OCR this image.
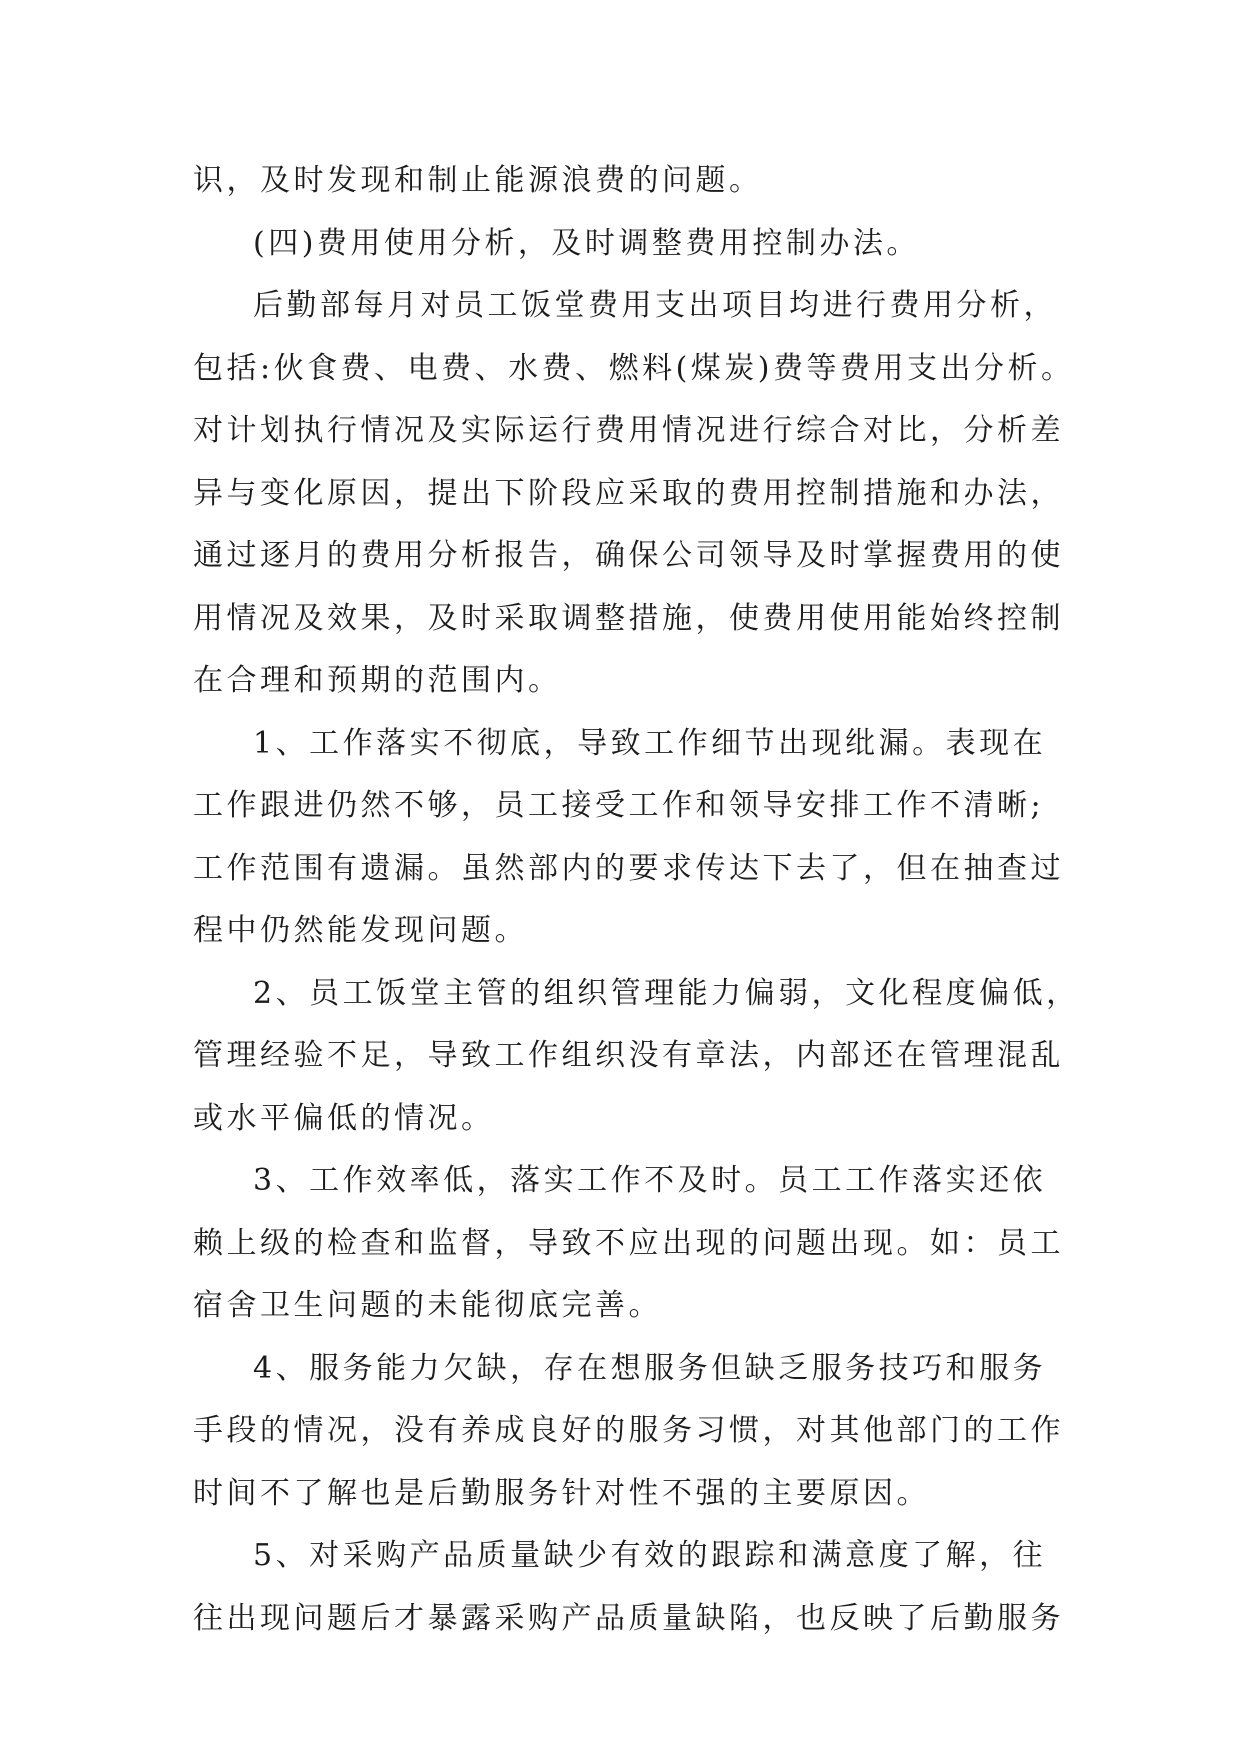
识，及时发现和制止能源浪费的问题。
(四)费用使用分析，及时调整费用控制办法。
后勤部每月对员工饭堂费用支出项目均进行费用分析，
包括:伙食费、电费、水费、燃料(煤炭)费等费用支出分析。
对计划执行情况及实际运行费用情况进行综合对比，分析差
异与变化原因，提出下阶段应采取的费用控制措施和办法，
通过逐月的费用分析报告，确保公司领导及时掌握费用的使
用情况及效果，及时采取调整措施，使费用使用能始终控制
在合理和预期的范围内。
1、工作落实不彻底，导致工作细节出现纰漏。表现在
工作跟进仍然不够，员工接受工作和领导安排工作不清晰;
工作范围有遗漏。虽然部内的要求传达下去了，但在抽查过
程中仍然能发现问题。
2、员工饭堂主管的组织管理能力偏弱，文化程度偏低，
管理经验不足，导致工作组织没有章法，内部还在管理混乱
或水平偏低的情况。
3、工作效率低，落实工作不及时。员工工作落实还依
赖上级的检查和监督，导致不应出现的问题出现。如：员工
宿舍卫生问题的未能彻底完善。
4、服务能力欠缺，存在想服务但缺乏服务技巧和服务
手段的情况，没有养成良好的服务习惯，对其他部门的工作
时间不了解也是后勤服务针对性不强的主要原因。
5、对采购产品质量缺少有效的跟踪和满意度了解，往
往出现问题后才暴露采购产品质量缺陷，也反映了后勤服务
